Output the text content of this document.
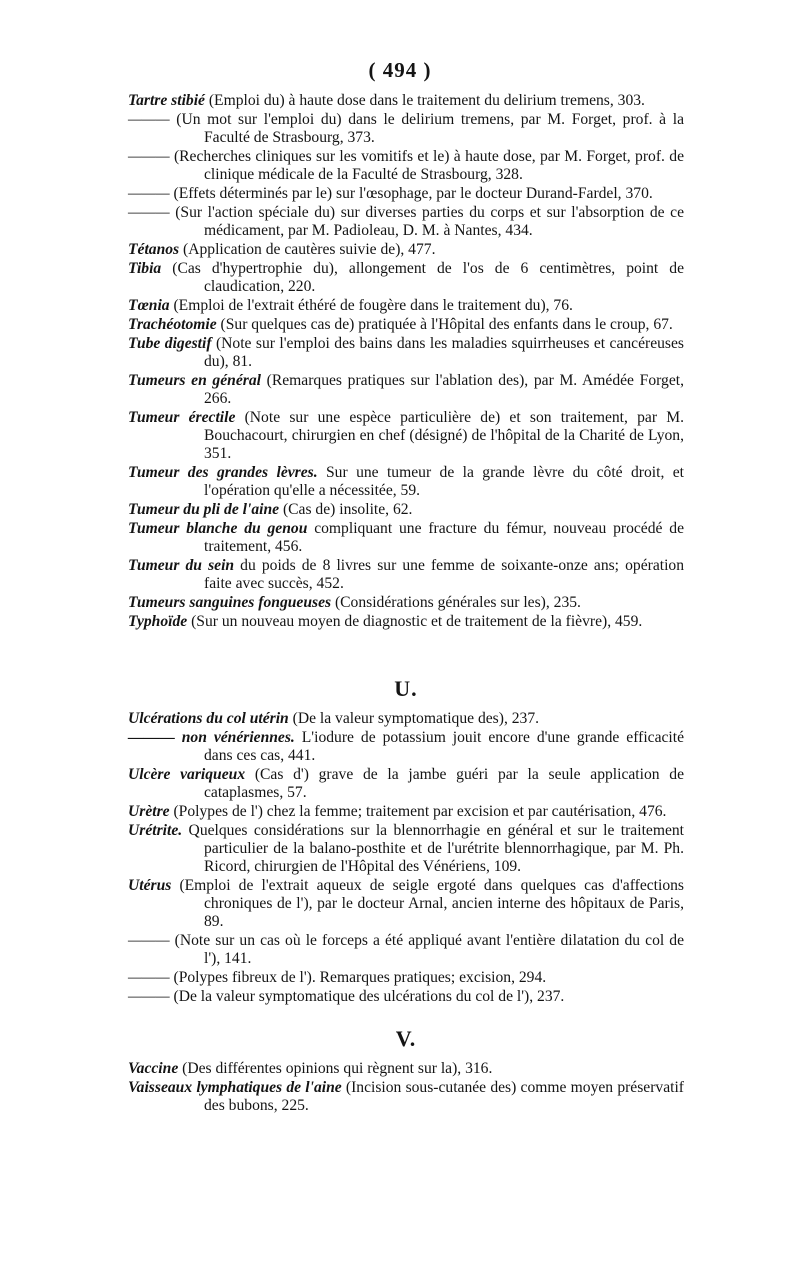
( 494 )

Tartre stibié (Emploi du) à haute dose dans le traitement du delirium tremens, 303.

——— (Un mot sur l'emploi du) dans le delirium tremens, par M. Forget, prof. à la Faculté de Strasbourg, 373.

——— (Recherches cliniques sur les vomitifs et le) à haute dose, par M. Forget, prof. de clinique médicale de la Faculté de Strasbourg, 328.

——— (Effets déterminés par le) sur l'œsophage, par le docteur Durand-Fardel, 370.

——— (Sur l'action spéciale du) sur diverses parties du corps et sur l'absorption de ce médicament, par M. Padioleau, D. M. à Nantes, 434.

Tétanos (Application de cautères suivie de), 477.

Tibia (Cas d'hypertrophie du), allongement de l'os de 6 centimètres, point de claudication, 220.

Tœnia (Emploi de l'extrait éthéré de fougère dans le traitement du), 76.

Trachéotomie (Sur quelques cas de) pratiquée à l'Hôpital des enfants dans le croup, 67.

Tube digestif (Note sur l'emploi des bains dans les maladies squirrheuses et cancéreuses du), 81.

Tumeurs en général (Remarques pratiques sur l'ablation des), par M. Amédée Forget, 266.

Tumeur érectile (Note sur une espèce particulière de) et son traitement, par M. Bouchacourt, chirurgien en chef (désigné) de l'hôpital de la Charité de Lyon, 351.

Tumeur des grandes lèvres. Sur une tumeur de la grande lèvre du côté droit, et l'opération qu'elle a nécessitée, 59.

Tumeur du pli de l'aine (Cas de) insolite, 62.

Tumeur blanche du genou compliquant une fracture du fémur, nouveau procédé de traitement, 456.

Tumeur du sein du poids de 8 livres sur une femme de soixante-onze ans; opération faite avec succès, 452.

Tumeurs sanguines fongueuses (Considérations générales sur les), 235.

Typhoïde (Sur un nouveau moyen de diagnostic et de traitement de la fièvre), 459.

U.

Ulcérations du col utérin (De la valeur symptomatique des), 237.

——— non vénériennes. L'iodure de potassium jouit encore d'une grande efficacité dans ces cas, 441.

Ulcère variqueux (Cas d') grave de la jambe guéri par la seule application de cataplasmes, 57.

Urètre (Polypes de l') chez la femme; traitement par excision et par cautérisation, 476.

Urétrite. Quelques considérations sur la blennorrhagie en général et sur le traitement particulier de la balano-posthite et de l'urétrite blennorrhagique, par M. Ph. Ricord, chirurgien de l'Hôpital des Vénériens, 109.

Utérus (Emploi de l'extrait aqueux de seigle ergoté dans quelques cas d'affections chroniques de l'), par le docteur Arnal, ancien interne des hôpitaux de Paris, 89.

——— (Note sur un cas où le forceps a été appliqué avant l'entière dilatation du col de l'), 141.

——— (Polypes fibreux de l'). Remarques pratiques; excision, 294.

——— (De la valeur symptomatique des ulcérations du col de l'), 237.

V.

Vaccine (Des différentes opinions qui règnent sur la), 316.

Vaisseaux lymphatiques de l'aine (Incision sous-cutanée des) comme moyen préservatif des bubons, 225.
